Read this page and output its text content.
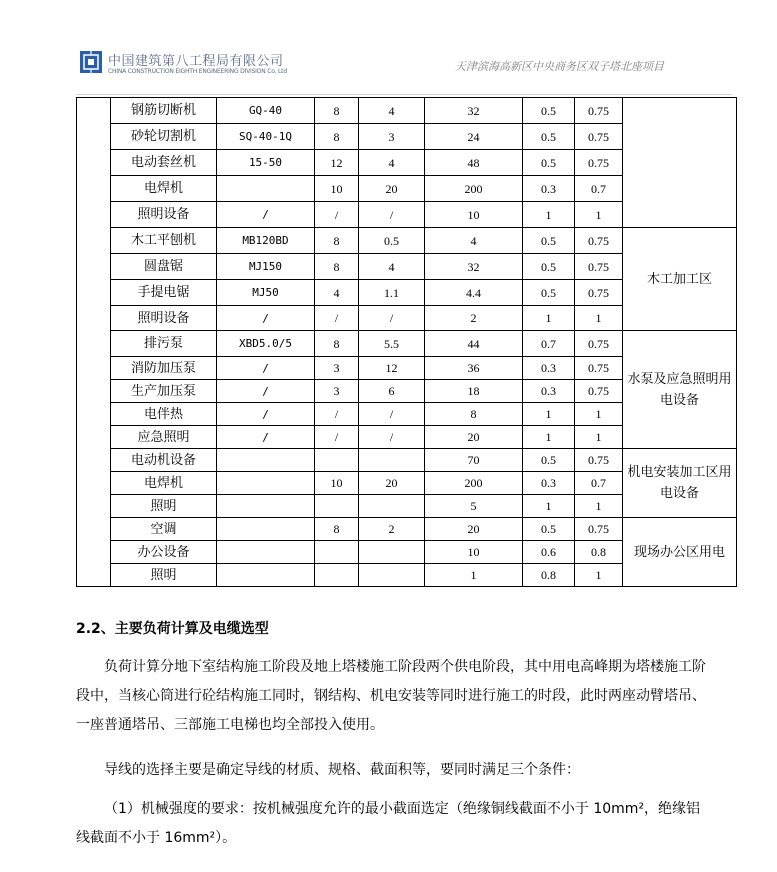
中国建筑第八工程局有限公司
CHINA CONSTRUCTION EIGHTH ENGINEERING DIVISION Co. Ltd	天津滨海高新区中央商务区双子塔北座项目
	钢筋切断机	GQ-40	8	4	32	0.5	0.75	
	砂轮切割机	SQ-40-1Q	8	3	24	0.5	0.75	
	电动套丝机	15-50	12	4	48	0.5	0.75	
	电焊机		10	20	200	0.3	0.7	
	照明设备	/	/	/	10	1	1	
	木工平刨机	MB120BD	8	0.5	4	0.5	0.75	木工加工区
	圆盘锯	MJ150	8	4	32	0.5	0.75	
	手提电锯	MJ50	4	1.1	4.4	0.5	0.75	
	照明设备	/	/	/	2	1	1	
	排污泵	XBD5.0/5	8	5.5	44	0.7	0.75	水泵及应急照明用电设备
	消防加压泵	/	3	12	36	0.3	0.75	
	生产加压泵	/	3	6	18	0.3	0.75	
	电伴热	/	/	/	8	1	1	
	应急照明	/	/	/	20	1	1	
	电动机设备				70	0.5	0.75	机电安装加工区用电设备
	电焊机		10	20	200	0.3	0.7	
	照明				5	1	1	
	空调		8	2	20	0.5	0.75	现场办公区用电
	办公设备				10	0.6	0.8	
	照明				1	0.8	1	
2.2、主要负荷计算及电缆选型
负荷计算分地下室结构施工阶段及地上塔楼施工阶段两个供电阶段，其中用电高峰期为塔楼施工阶段中，当核心筒进行砼结构施工同时，钢结构、机电安装等同时进行施工的时段，此时两座动臂塔吊、一座普通塔吊、三部施工电梯也均全部投入使用。
导线的选择主要是确定导线的材质、规格、截面积等，要同时满足三个条件：
（1）机械强度的要求：按机械强度允许的最小截面选定（绝缘铜线截面不小于 10mm²，绝缘铝线截面不小于 16mm²）。
